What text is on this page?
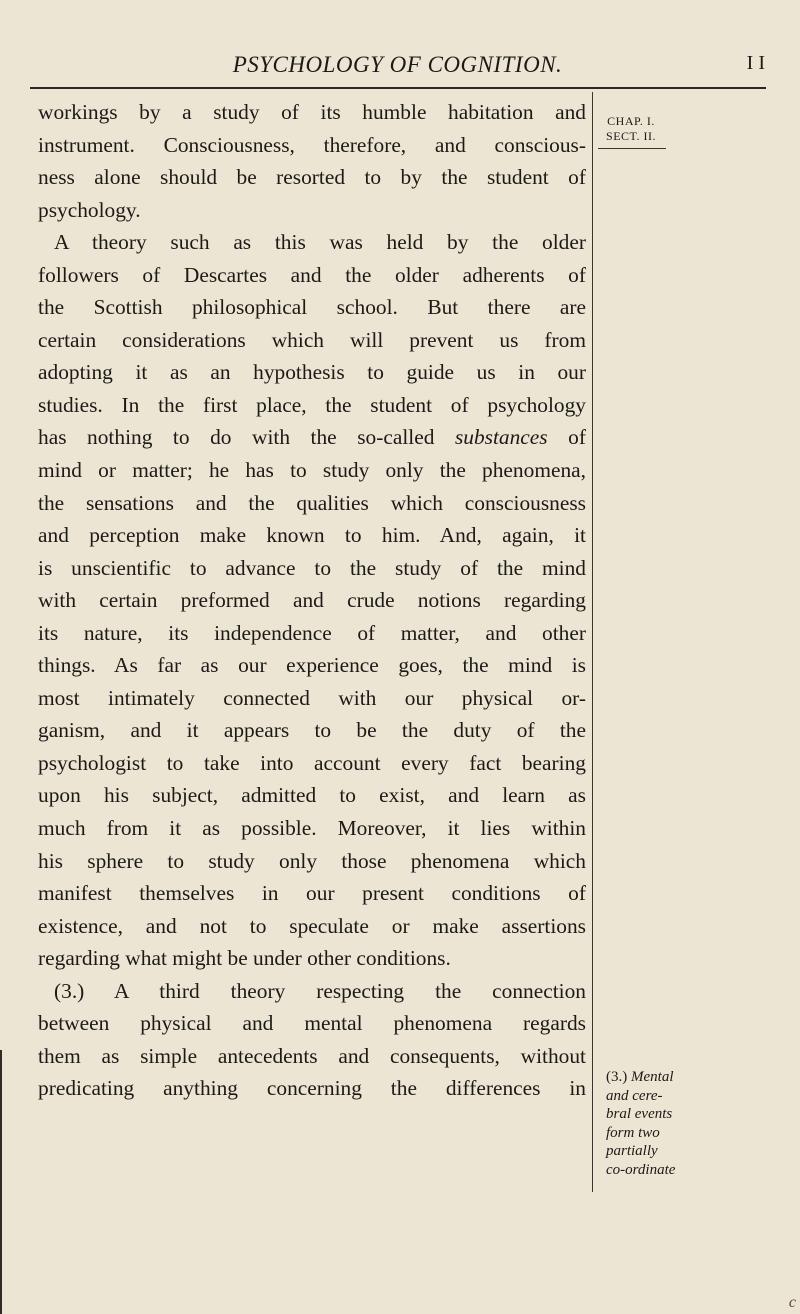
PSYCHOLOGY OF COGNITION.	I I
workings by a study of its humble habitation and
instrument. Consciousness, therefore, and conscious-
ness alone should be resorted to by the student of
psychology.
A theory such as this was held by the older
followers of Descartes and the older adherents of
the Scottish philosophical school. But there are
certain considerations which will prevent us from
adopting it as an hypothesis to guide us in our
studies. In the first place, the student of psychology
has nothing to do with the so-called substances of
mind or matter; he has to study only the phenomena,
the sensations and the qualities which consciousness
and perception make known to him. And, again, it
is unscientific to advance to the study of the mind
with certain preformed and crude notions regarding
its nature, its independence of matter, and other
things. As far as our experience goes, the mind is
most intimately connected with our physical or-
ganism, and it appears to be the duty of the
psychologist to take into account every fact bearing
upon his subject, admitted to exist, and learn as
much from it as possible. Moreover, it lies within
his sphere to study only those phenomena which
manifest themselves in our present conditions of
existence, and not to speculate or make assertions
regarding what might be under other conditions.
(3.) A third theory respecting the connection
between physical and mental phenomena regards
them as simple antecedents and consequents, without
predicating anything concerning the differences in
CHAP. I.
SECT. II.
(3.) Mental
and cere-
bral events
form two
partially
co-ordinate
c
